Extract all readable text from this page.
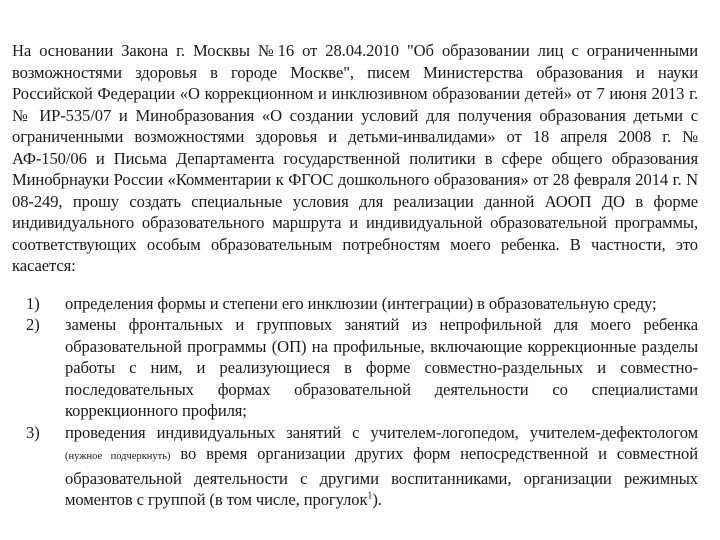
На основании Закона г. Москвы №16 от 28.04.2010 "Об образовании лиц с ограниченными возможностями здоровья в городе Москве", писем Министерства образования и науки Российской Федерации «О коррекционном и инклюзивном образовании детей» от 7 июня 2013 г. № ИР-535/07 и Минобразования «О создании условий для получения образования детьми с ограниченными возможностями здоровья и детьми-инвалидами» от 18 апреля 2008 г. № АФ-150/06 и Письма Департамента государственной политики в сфере общего образования Минобрнауки России «Комментарии к ФГОС дошкольного образования» от 28 февраля 2014 г. N 08-249, прошу создать специальные условия для реализации данной АООП ДО в форме индивидуального образовательного маршрута и индивидуальной образовательной программы, соответствующих особым образовательным потребностям моего ребенка. В частности, это касается:

1) определения формы и степени его инклюзии (интеграции) в образовательную среду;
2) замены фронтальных и групповых занятий из непрофильной для моего ребенка образовательной программы (ОП) на профильные, включающие коррекционные разделы работы с ним, и реализующиеся в форме совместно-раздельных и совместно-последовательных формах образовательной деятельности со специалистами коррекционного профиля;
3) проведения индивидуальных занятий с учителем-логопедом, учителем-дефектологом (нужное подчеркнуть) во время организации других форм непосредственной и совместной образовательной деятельности с другими воспитанниками, организации режимных моментов с группой (в том числе, прогулок$^1$).
